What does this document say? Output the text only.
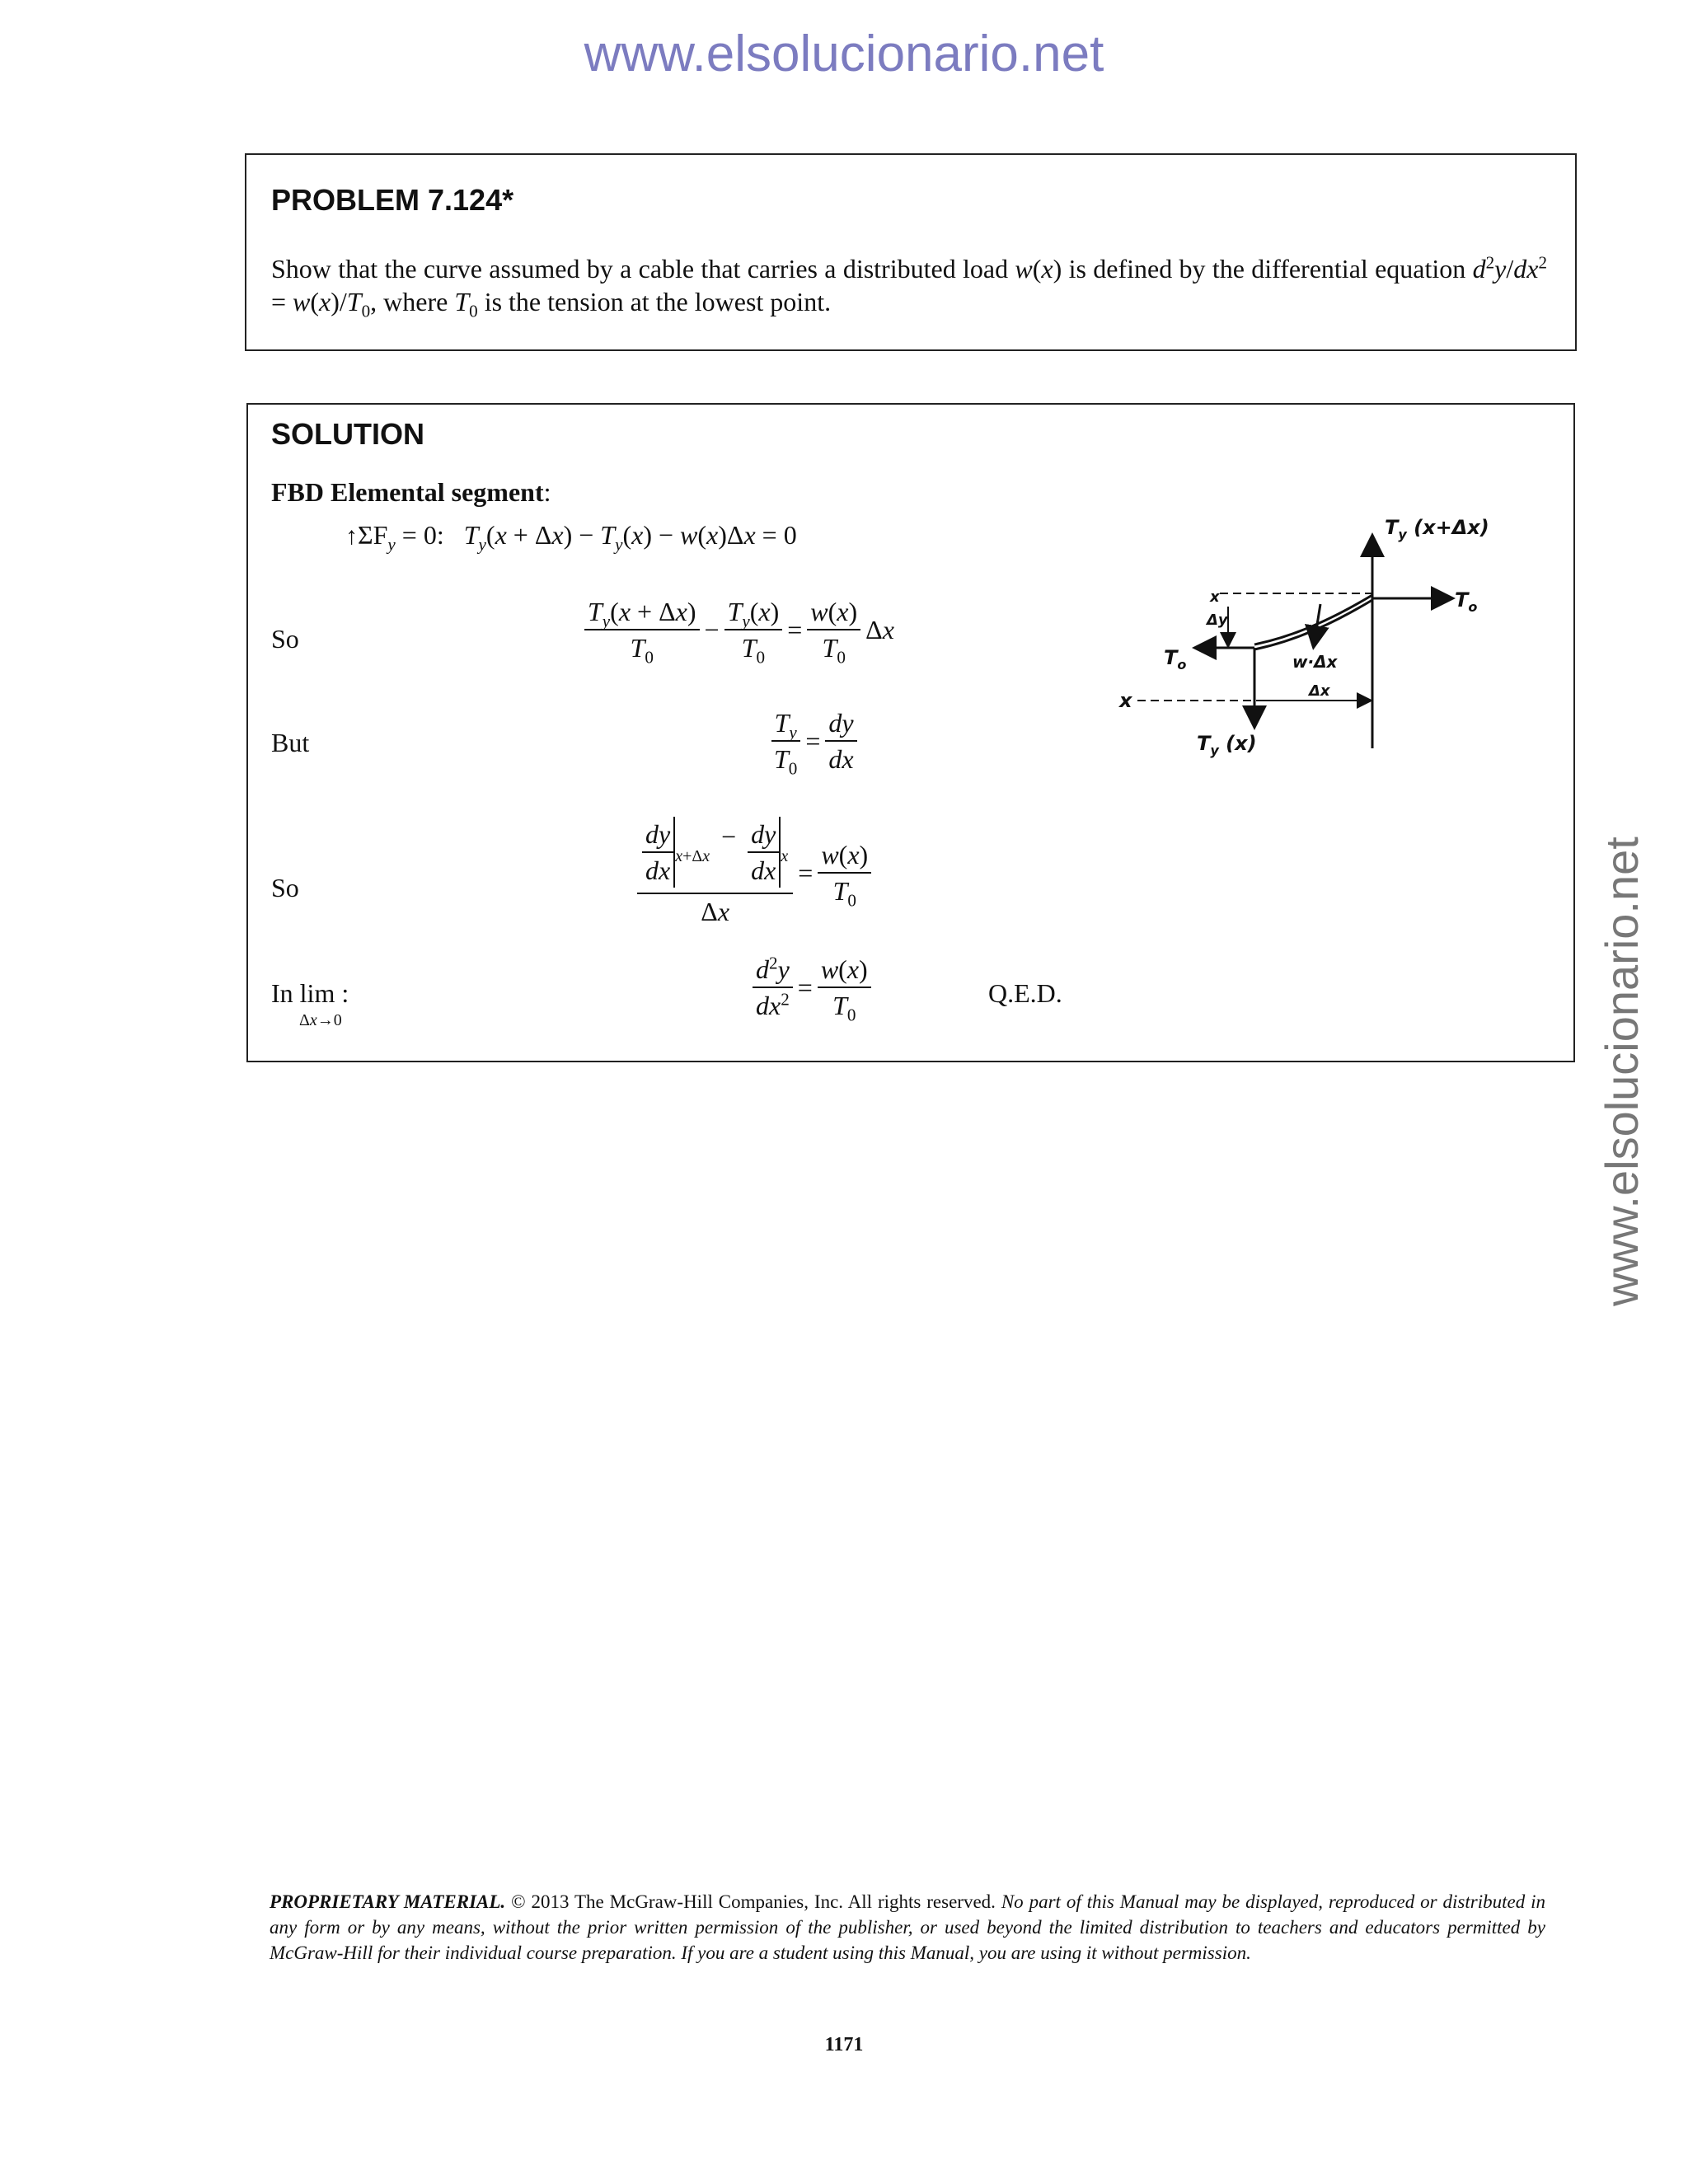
www.elsolucionario.net
www.elsolucionario.net
PROBLEM 7.124*
Show that the curve assumed by a cable that carries a distributed load w(x) is defined by the differential equation $d^2y/dx^2 = w(x)/T_0$, where $T_0$ is the tension at the lowest point.
SOLUTION
FBD Elemental segment:
$↑\Sigma F_y = 0$:   $T_y(x + \Delta x) - T_y(x) - w(x)\Delta x = 0$
So	$\frac{T_y(x + \Delta x)}{T_0} - \frac{T_y(x)}{T_0} = \frac{w(x)}{T_0}$ Δx
But	$\frac{T_y}{T_0} = \frac{dy}{dx}$
So	$\frac{\frac{dy}{dx} _{x+\Delta x} - \frac{dy}{dx} _x}{\Delta x} = \frac{w(x)}{T_0}$
In lim :
Δx→0	$\frac{d^2y}{dx^2} = \frac{w(x)}{T_0}$	Q.E.D.
$T_y$ (x+Δx)
$T_o$
x
Δy
$T_o$	w·Δx
x	Δx
$T_y$ (x)
PROPRIETARY MATERIAL. © 2013 The McGraw-Hill Companies, Inc. All rights reserved. No part of this Manual may be displayed, reproduced or distributed in any form or by any means, without the prior written permission of the publisher, or used beyond the limited distribution to teachers and educators permitted by McGraw-Hill for their individual course preparation. If you are a student using this Manual, you are using it without permission.
1171
